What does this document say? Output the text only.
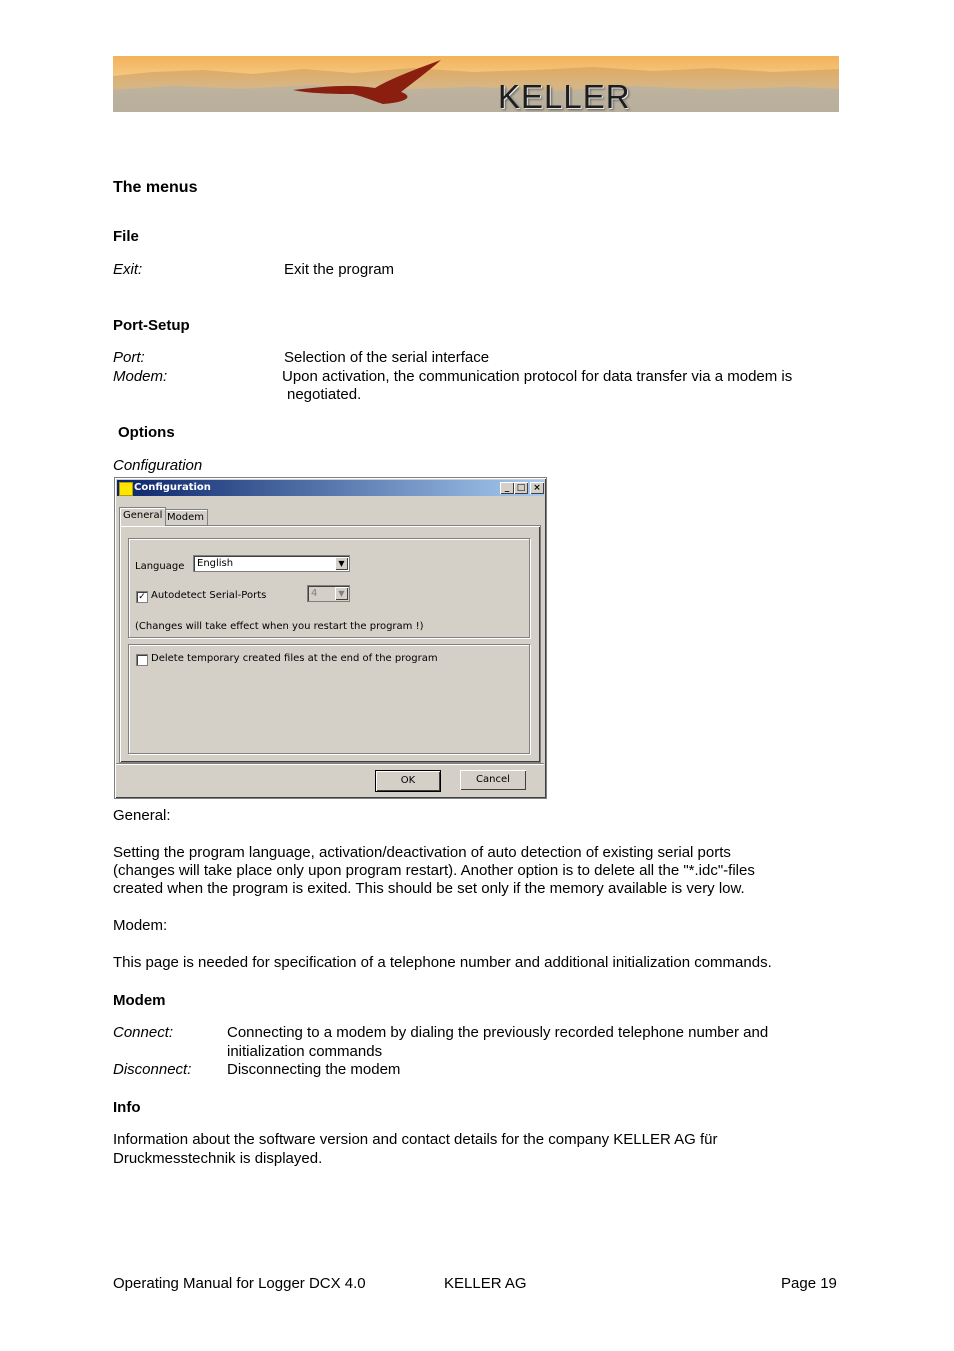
KELLER
The menus
File
Exit:	Exit the program
Port-Setup
Port:	Selection of the serial interface
Modem:	Upon activation, the communication protocol for data transfer via a modem is
negotiated.
Options
Configuration
Configuration	_ □ ×
General Modem
Language	English	▼
✓ Autodetect Serial-Ports	4	▼
(Changes will take effect when you restart the program !)
Delete temporary created files at the end of the program
OK	Cancel
General:
Setting the program language, activation/deactivation of auto detection of existing serial ports
(changes will take place only upon program restart). Another option is to delete all the "*.idc"-files
created when the program is exited. This should be set only if the memory available is very low.
Modem:
This page is needed for specification of a telephone number and additional initialization commands.
Modem
Connect:	Connecting to a modem by dialing the previously recorded telephone number and
initialization commands
Disconnect: Disconnecting the modem
Info
Information about the software version and contact details for the company KELLER AG für
Druckmesstechnik is displayed.
Operating Manual for Logger DCX 4.0	KELLER AG	Page 19
